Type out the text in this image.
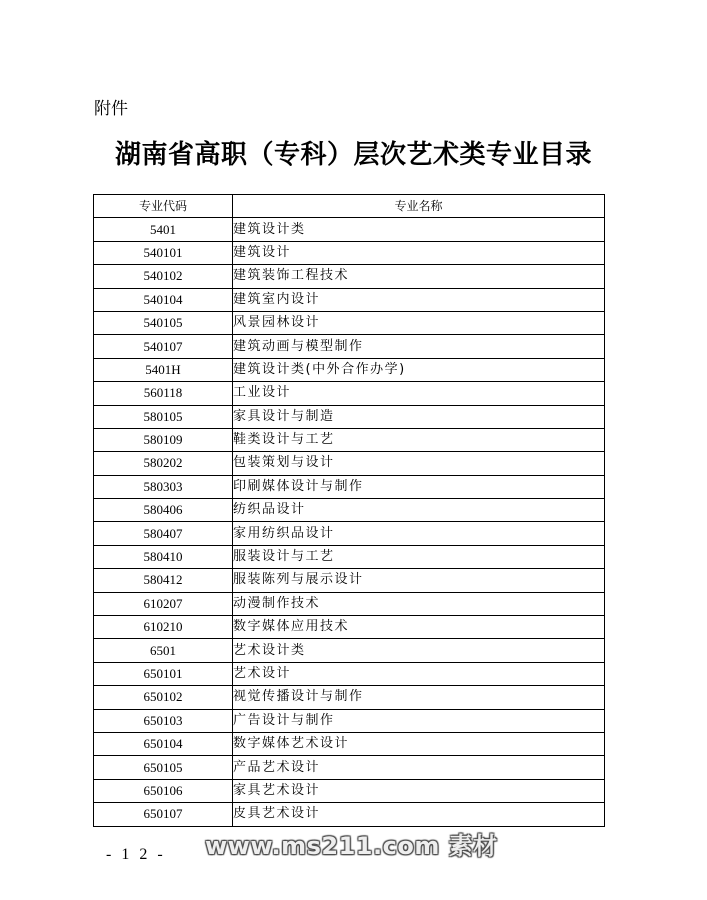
附件
湖南省高职（专科）层次艺术类专业目录
专业代码	专业名称
5401	建筑设计类
540101	建筑设计
540102	建筑装饰工程技术
540104	建筑室内设计
540105	风景园林设计
540107	建筑动画与模型制作
5401H	建筑设计类(中外合作办学)
560118	工业设计
580105	家具设计与制造
580109	鞋类设计与工艺
580202	包装策划与设计
580303	印刷媒体设计与制作
580406	纺织品设计
580407	家用纺织品设计
580410	服装设计与工艺
580412	服装陈列与展示设计
610207	动漫制作技术
610210	数字媒体应用技术
6501	艺术设计类
650101	艺术设计
650102	视觉传播设计与制作
650103	广告设计与制作
650104	数字媒体艺术设计
650105	产品艺术设计
650106	家具艺术设计
650107	皮具艺术设计
- 1 2 - www.ms211.com 素材
